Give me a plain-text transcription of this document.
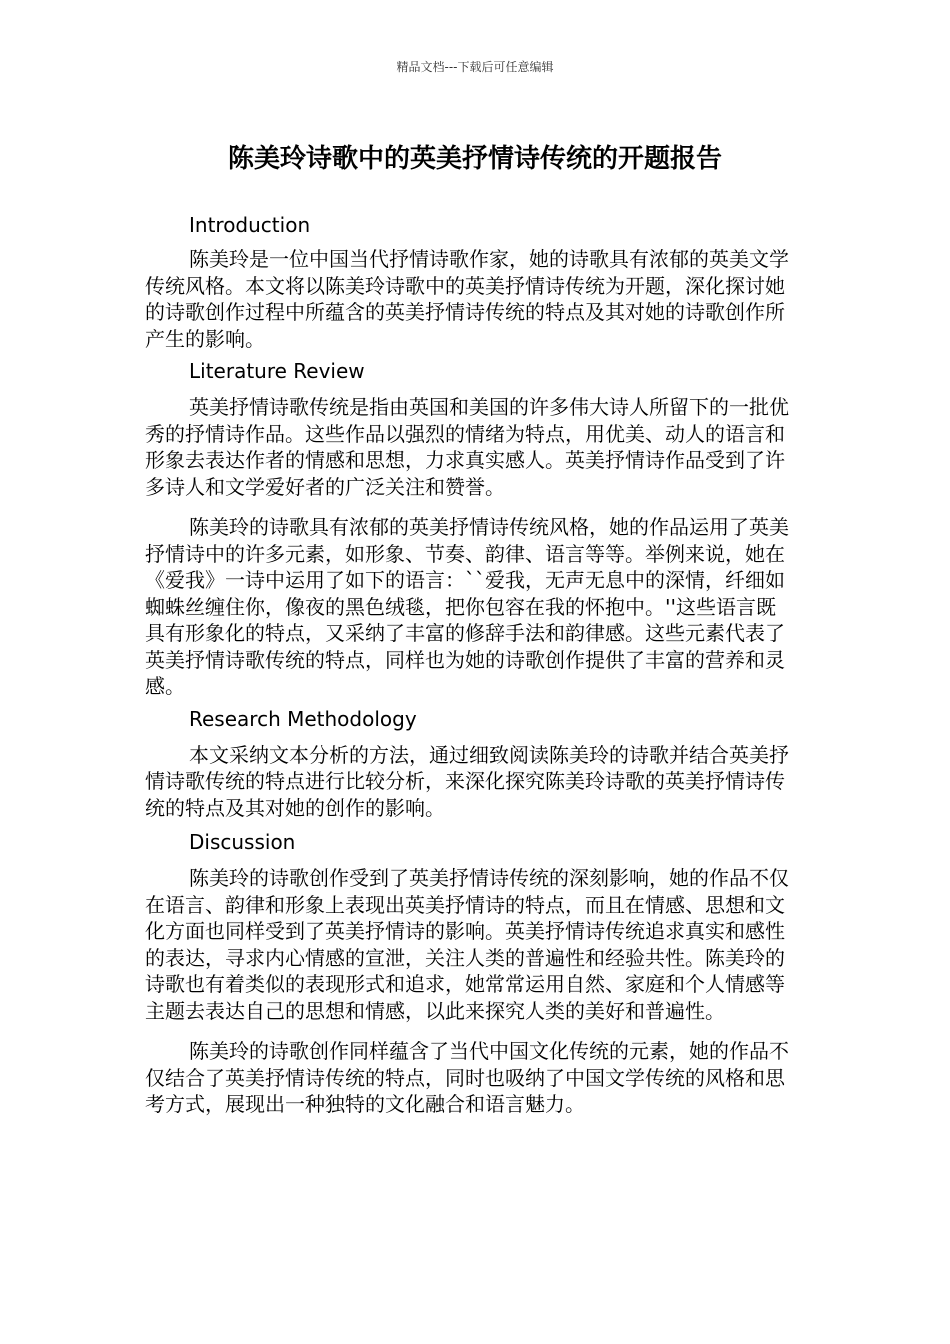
精品文档---下载后可任意编辑
陈美玲诗歌中的英美抒情诗传统的开题报告
Introduction

陈美玲是一位中国当代抒情诗歌作家，她的诗歌具有浓郁的英美文学传统风格。本文将以陈美玲诗歌中的英美抒情诗传统为开题，深化探讨她的诗歌创作过程中所蕴含的英美抒情诗传统的特点及其对她的诗歌创作所产生的影响。

Literature Review

英美抒情诗歌传统是指由英国和美国的许多伟大诗人所留下的一批优秀的抒情诗作品。这些作品以强烈的情绪为特点，用优美、动人的语言和形象去表达作者的情感和思想，力求真实感人。英美抒情诗作品受到了许多诗人和文学爱好者的广泛关注和赞誉。

陈美玲的诗歌具有浓郁的英美抒情诗传统风格，她的作品运用了英美抒情诗中的许多元素，如形象、节奏、韵律、语言等等。举例来说，她在《爱我》一诗中运用了如下的语言：``爱我，无声无息中的深情，纤细如蜘蛛丝缠住你，像夜的黑色绒毯，把你包容在我的怀抱中。''这些语言既具有形象化的特点，又采纳了丰富的修辞手法和韵律感。这些元素代表了英美抒情诗歌传统的特点，同样也为她的诗歌创作提供了丰富的营养和灵感。

Research Methodology

本文采纳文本分析的方法，通过细致阅读陈美玲的诗歌并结合英美抒情诗歌传统的特点进行比较分析，来深化探究陈美玲诗歌的英美抒情诗传统的特点及其对她的创作的影响。

Discussion

陈美玲的诗歌创作受到了英美抒情诗传统的深刻影响，她的作品不仅在语言、韵律和形象上表现出英美抒情诗的特点，而且在情感、思想和文化方面也同样受到了英美抒情诗的影响。英美抒情诗传统追求真实和感性的表达，寻求内心情感的宣泄，关注人类的普遍性和经验共性。陈美玲的诗歌也有着类似的表现形式和追求，她常常运用自然、家庭和个人情感等主题去表达自己的思想和情感，以此来探究人类的美好和普遍性。

陈美玲的诗歌创作同样蕴含了当代中国文化传统的元素，她的作品不仅结合了英美抒情诗传统的特点，同时也吸纳了中国文学传统的风格和思考方式，展现出一种独特的文化融合和语言魅力。
